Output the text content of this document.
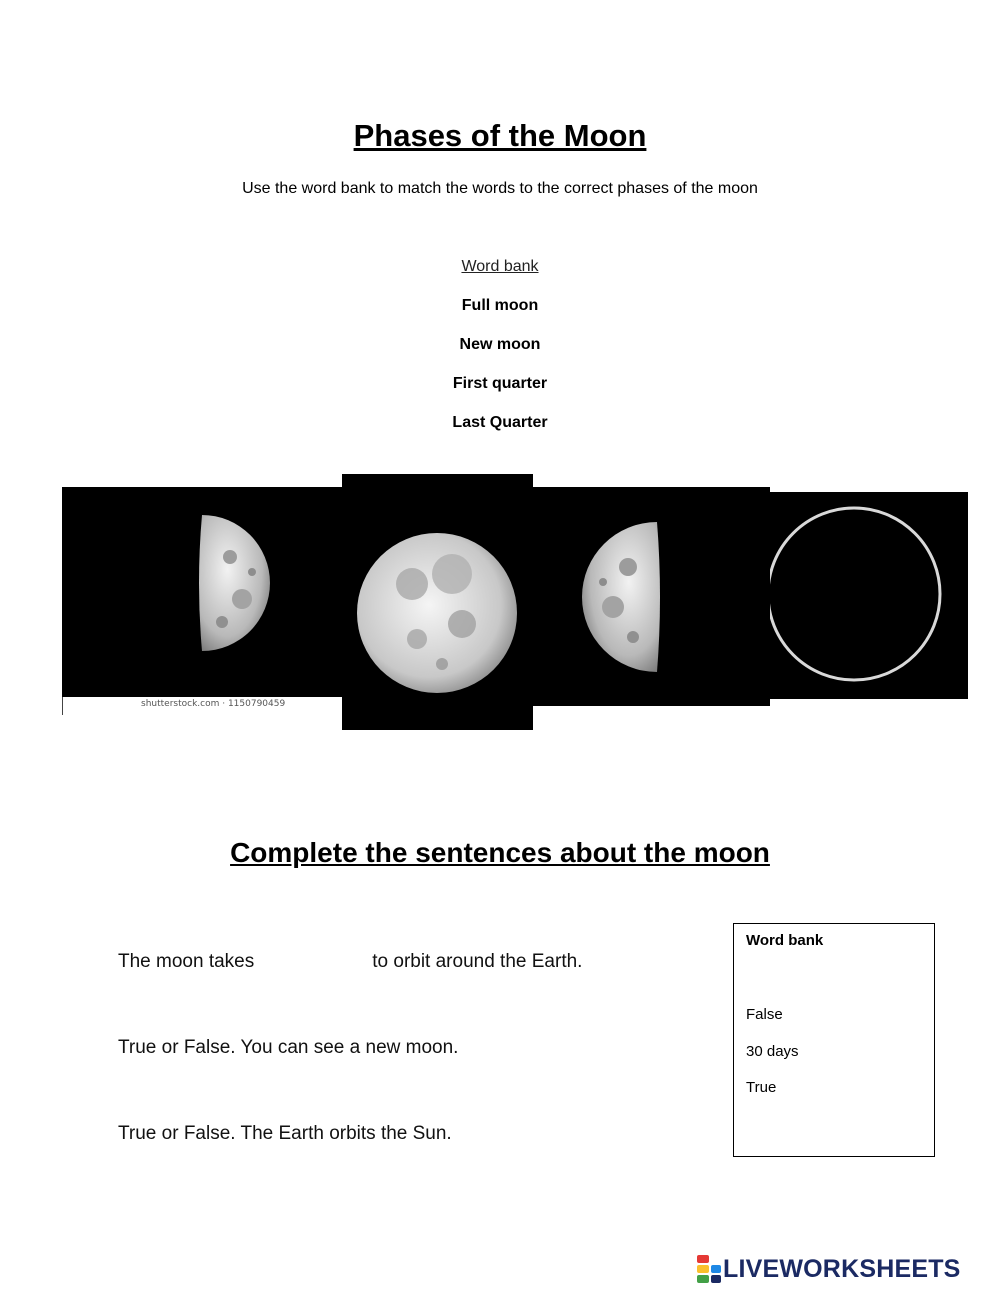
Phases of the Moon
Use the word bank to match the words to the correct phases of the moon
Word bank
Full moon
New moon
First quarter
Last Quarter
shutterstock.com · 1150790459
Complete the sentences about the moon
The moon takes	to orbit around the Earth.
True or False. You can see a new moon.
True or False. The Earth orbits the Sun.
Word bank
False
30 days
True
LIVEWORKSHEETS
